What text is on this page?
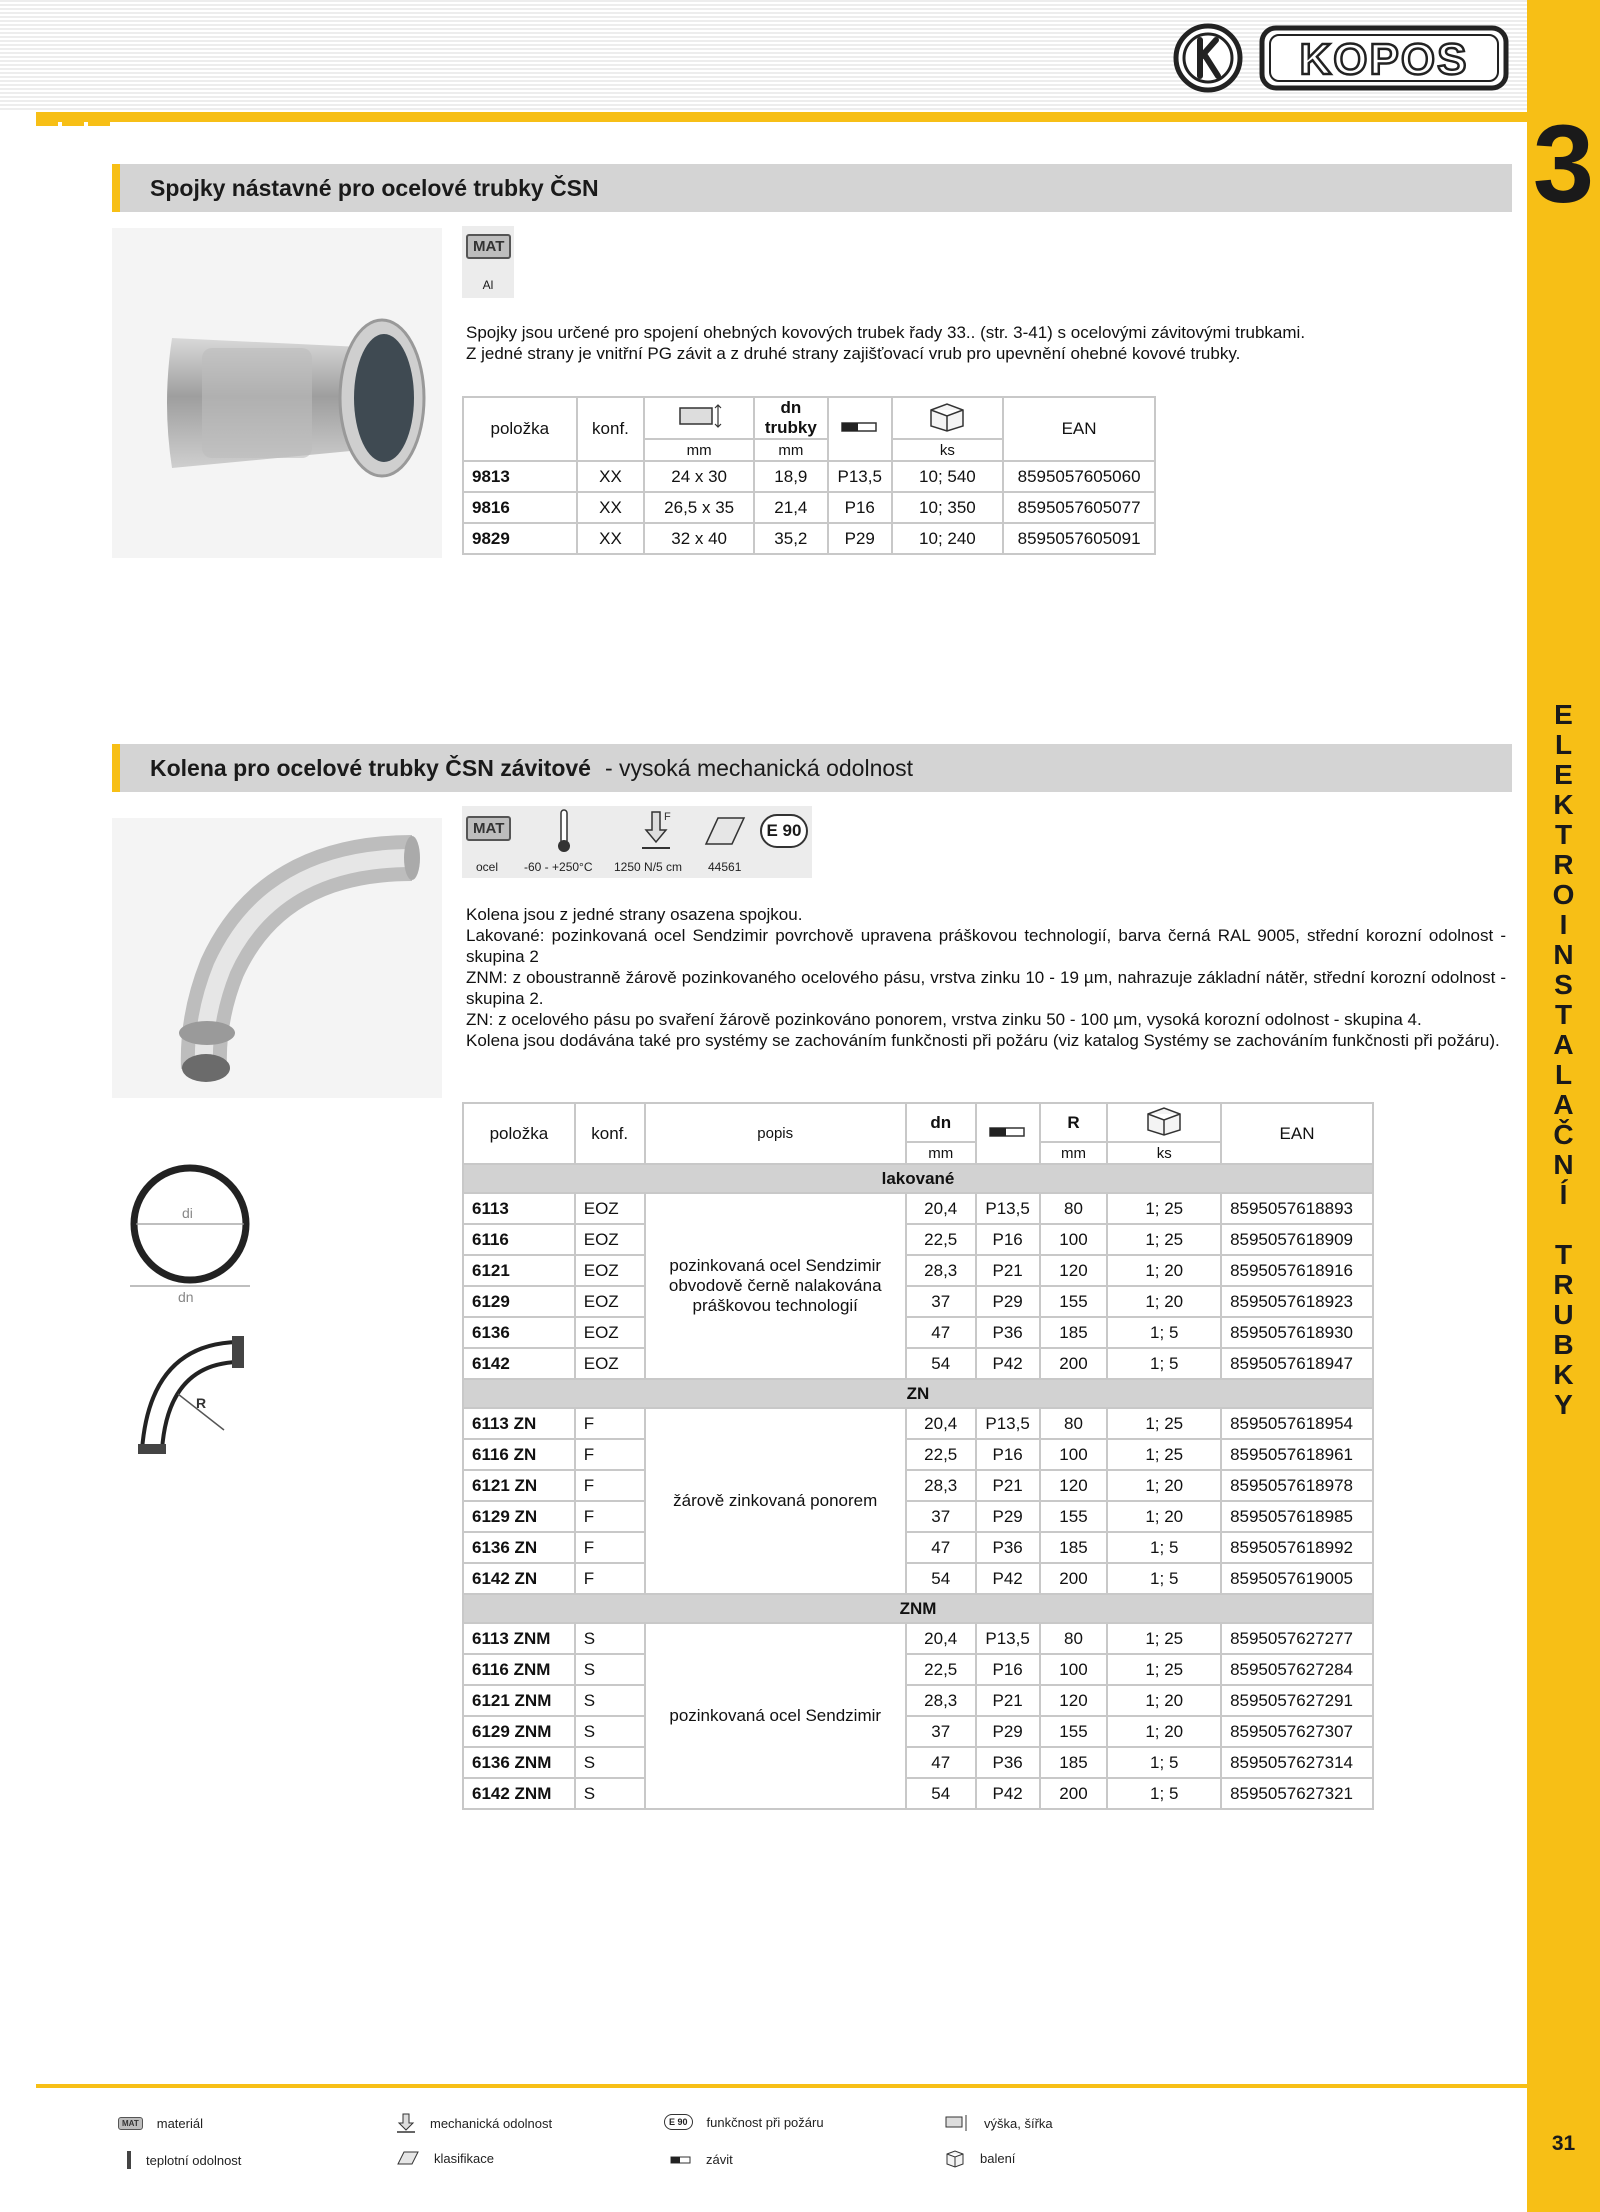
KOPOS
3
E
L
E
K
T
R
O
I
N
S
T
A
L
A
Č
N
Í
T
R
U
B
K
Y
31
Spojky nástavné pro ocelové trubky ČSN
MAT
Al
Spojky jsou určené pro spojení ohebných kovových trubek řady 33.. (str. 3-41) s ocelovými závitovými trubkami.
Z jedné strany je vnitřní PG závit a z druhé strany zajišťovací vrub pro upevnění ohebné kovové trubky.
položka	konf.		dn
trubky			EAN
		mm	mm		ks	
9813	XX	24 x 30	18,9	P13,5	10; 540	8595057605060
9816	XX	26,5 x 35	21,4	P16	10; 350	8595057605077
9829	XX	32 x 40	35,2	P29	10; 240	8595057605091
Kolena pro ocelové trubky ČSN závitové - vysoká mechanická odolnost
di
dn
R
MAT
F
E 90
ocel -60 - +250°C 1250 N/5 cm 44561
Kolena jsou z jedné strany osazena spojkou.
Lakované: pozinkovaná ocel Sendzimir povrchově upravena práškovou technologií, barva černá RAL 9005, střední korozní odolnost - skupina 2
ZNM: z oboustranně žárově pozinkovaného ocelového pásu, vrstva zinku 10 - 19 µm, nahrazuje základní nátěr, střední korozní odolnost - skupina 2.
ZN: z ocelového pásu po svaření žárově pozinkováno ponorem, vrstva zinku 50 - 100 µm, vysoká korozní odolnost - skupina 4.
Kolena jsou dodávána také pro systémy se zachováním funkčnosti při požáru (viz katalog Systémy se zachováním funkčnosti při požáru).
položka	konf.	popis	dn		R		EAN
			mm		mm	ks	
lakované							
6113	EOZ	pozinkovaná ocel Sendzimir obvodově černě nalakována práškovou technologií	20,4	P13,5	80	1; 25	8595057618893
6116	EOZ		22,5	P16	100	1; 25	8595057618909
6121	EOZ		28,3	P21	120	1; 20	8595057618916
6129	EOZ		37	P29	155	1; 20	8595057618923
6136	EOZ		47	P36	185	1; 5	8595057618930
6142	EOZ		54	P42	200	1; 5	8595057618947
ZN							
6113 ZN	F	žárově zinkovaná ponorem	20,4	P13,5	80	1; 25	8595057618954
6116 ZN	F		22,5	P16	100	1; 25	8595057618961
6121 ZN	F		28,3	P21	120	1; 20	8595057618978
6129 ZN	F		37	P29	155	1; 20	8595057618985
6136 ZN	F		47	P36	185	1; 5	8595057618992
6142 ZN	F		54	P42	200	1; 5	8595057619005
ZNM							
6113 ZNM	S	pozinkovaná ocel Sendzimir	20,4	P13,5	80	1; 25	8595057627277
6116 ZNM	S		22,5	P16	100	1; 25	8595057627284
6121 ZNM	S		28,3	P21	120	1; 20	8595057627291
6129 ZNM	S		37	P29	155	1; 20	8595057627307
6136 ZNM	S		47	P36	185	1; 5	8595057627314
6142 ZNM	S		54	P42	200	1; 5	8595057627321
MAT	materiál	mechanická odolnost	E 90	funkčnost při požáru	výška, šířka
teplotní odolnost	klasifikace	závit	balení
